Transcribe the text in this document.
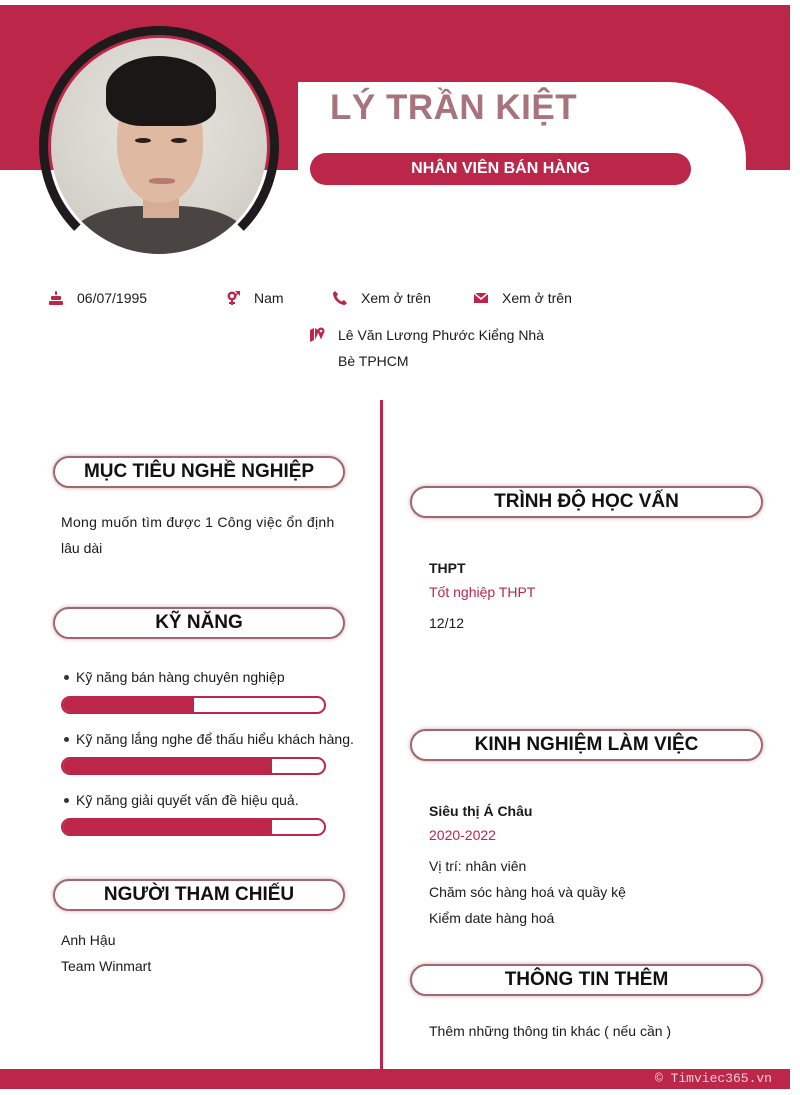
LÝ TRẦN KIỆT
NHÂN VIÊN BÁN HÀNG
06/07/1995	Nam	Xem ở trên	Xem ở trên
Lê Văn Lương Phước Kiểng Nhà
Bè TPHCM
MỤC TIÊU NGHỀ NGHIỆP
Mong muốn tìm được 1 Công việc ổn định
lâu dài
KỸ NĂNG
Kỹ năng bán hàng chuyên nghiệp
Kỹ năng lắng nghe để thấu hiểu khách hàng.
Kỹ năng giải quyết vấn đề hiệu quả.
NGƯỜI THAM CHIẾU
Anh Hậu
Team Winmart
TRÌNH ĐỘ HỌC VẤN
THPT
Tốt nghiệp THPT
12/12
KINH NGHIỆM LÀM VIỆC
Siêu thị Á Châu
2020-2022
Vị trí: nhân viên
Chăm sóc hàng hoá và quầy kệ
Kiểm date hàng hoá
THÔNG TIN THÊM
Thêm những thông tin khác ( nếu cần )
© Timviec365.vn
